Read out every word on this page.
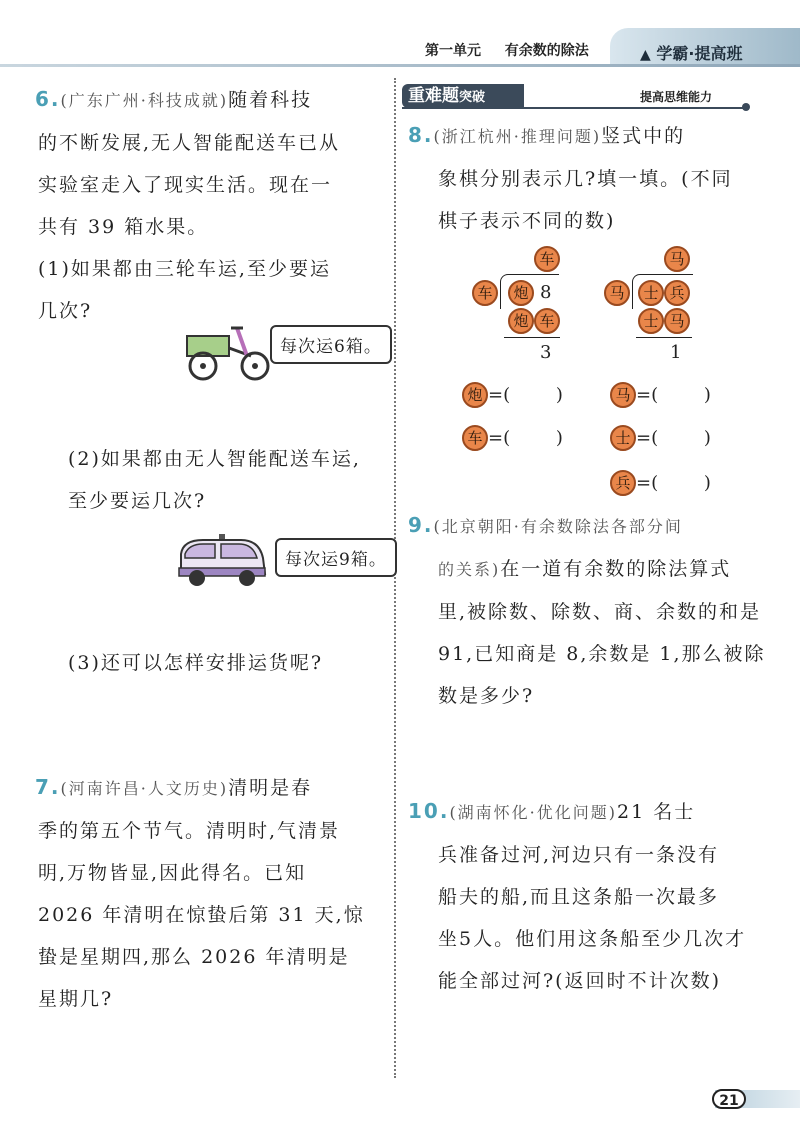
第一单元 有余数的除法	▲ 学霸·提高班
6.(广东广州·科技成就)随着科技
的不断发展,无人智能配送车已从
实验室走入了现实生活。现在一
共有 39 箱水果。
(1)如果都由三轮车运,至少要运
几次?
每次运6箱。
(2)如果都由无人智能配送车运,
至少要运几次?
每次运9箱。
(3)还可以怎样安排运货呢?
7.(河南许昌·人文历史)清明是春
季的第五个节气。清明时,气清景
明,万物皆显,因此得名。已知
2026 年清明在惊蛰后第 31 天,惊
蛰是星期四,那么 2026 年清明是
星期几?
重难题突破	提高思维能力
8.(浙江杭州·推理问题)竖式中的
象棋分别表示几?填一填。(不同
棋子表示不同的数)
车
车	炮 8
炮 车
3
马
马	士 兵
士 马
1
炮 =(        )
车 =(        )
马 =(        )
士 =(        )
兵 =(        )
9.(北京朝阳·有余数除法各部分间
的关系)在一道有余数的除法算式
里,被除数、除数、商、余数的和是
91,已知商是 8,余数是 1,那么被除
数是多少?
10.(湖南怀化·优化问题)21 名士
兵准备过河,河边只有一条没有
船夫的船,而且这条船一次最多
坐5人。他们用这条船至少几次才
能全部过河?(返回时不计次数)
21
